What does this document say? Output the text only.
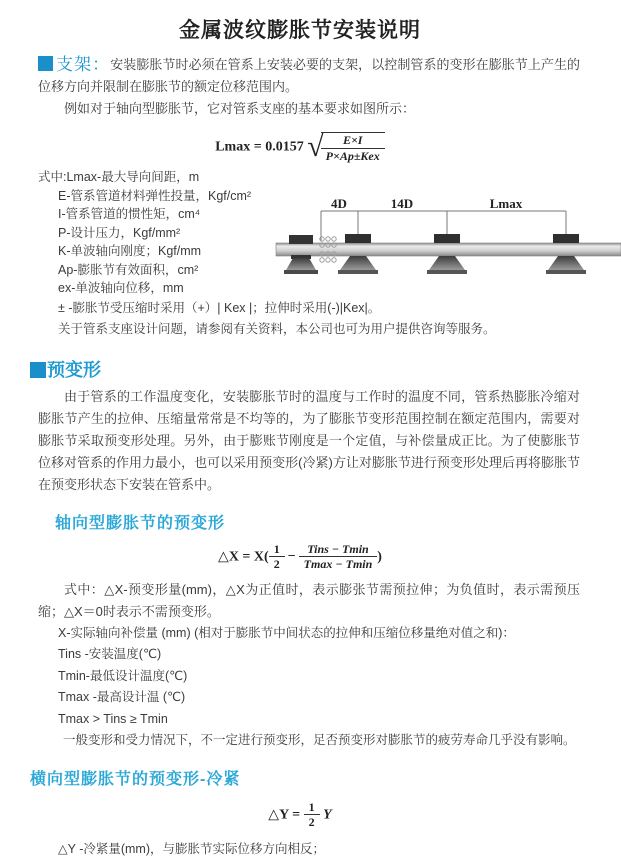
金属波纹膨胀节安装说明

支架：安装膨胀节时必须在管系上安装必要的支架，以控制管系的变形在膨胀节上产生的位移方向并限制在膨胀节的额定位移范围内。

例如对于轴向型膨胀节，它对管系支座的基本要求如图所示：

Lmax = 0.0157 √
$\frac{E\times I}{\text{P×Ap±Kex}}$
式中:Lmax-最大导向间距，m
E-管系管道材料弹性投量，Kgf/cm²
I-管系管道的惯性矩，cm⁴
P-设计压力，Kgf/mm²
K-单波轴向刚度；Kgf/mm
Ap-膨胀节有效面积，cm²
ex-单波轴向位移，mm
4D	14D	Lmax
± -膨胀节受压缩时采用（+）| Kex |；拉伸时采用(-)|Kex|。
关于管系支座设计问题，请参阅有关资料，本公司也可为用户提供咨询等服务。
预变形

由于管系的工作温度变化，安装膨胀节时的温度与工作时的温度不同，管系热膨胀冷缩对膨胀节产生的拉伸、压缩量常常是不均等的，为了膨胀节变形范围控制在额定范围内，需要对膨胀节采取预变形处理。另外，由于膨账节刚度是一个定值，与补偿量成正比。为了使膨胀节位移对管系的作用力最小，也可以采用预变形(冷紧)方让对膨胀节进行预变形处理后再将膨胀节在预变形状态下安装在管系中。

轴向型膨胀节的预变形
△X = $X( \frac{1}{2} - \frac{\text{Tins − Tmin}}{Tmax - Tmin}$ )

式中：△X-预变形量(mm)，△X为正值时，表示膨张节需预拉伸；为负值时，表示需预压缩；△X＝0时表示不需预变形。

X-实际轴向补偿量 (mm) (相对于膨胀节中间状态的拉伸和压缩位移量绝对值之和)：
Tins -安装温度(℃)
Tmin-最低设计温度(℃)
Tmax -最高设计温 (℃)
Tmax > Tins ≥ Tmin
一般变形和受力情况下，不一定进行预变形，足否预变形对膨胀节的疲劳寿命几乎没有影响。
横向型膨胀节的预变形-冷紧
△Y = $\frac{1}{2}$ Y
△Y -冷紧量(mm)，与膨胀节实际位移方向相反；
